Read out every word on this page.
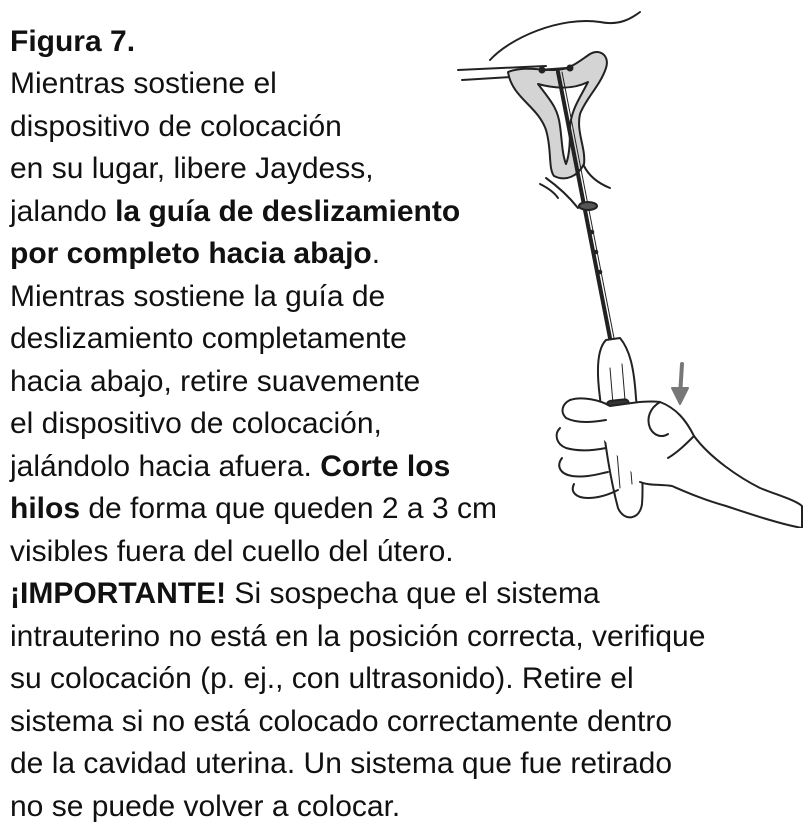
Figura 7.
Mientras sostiene el
dispositivo de colocación
en su lugar, libere Jaydess,
jalando la guía de deslizamiento
por completo hacia abajo.
Mientras sostiene la guía de
deslizamiento completamente
hacia abajo, retire suavemente
el dispositivo de colocación,
jalándolo hacia afuera. Corte los
hilos de forma que queden 2 a 3 cm
visibles fuera del cuello del útero.
¡IMPORTANTE! Si sospecha que el sistema
intrauterino no está en la posición correcta, verifique
su colocación (p. ej., con ultrasonido). Retire el
sistema si no está colocado correctamente dentro
de la cavidad uterina. Un sistema que fue retirado
no se puede volver a colocar.
